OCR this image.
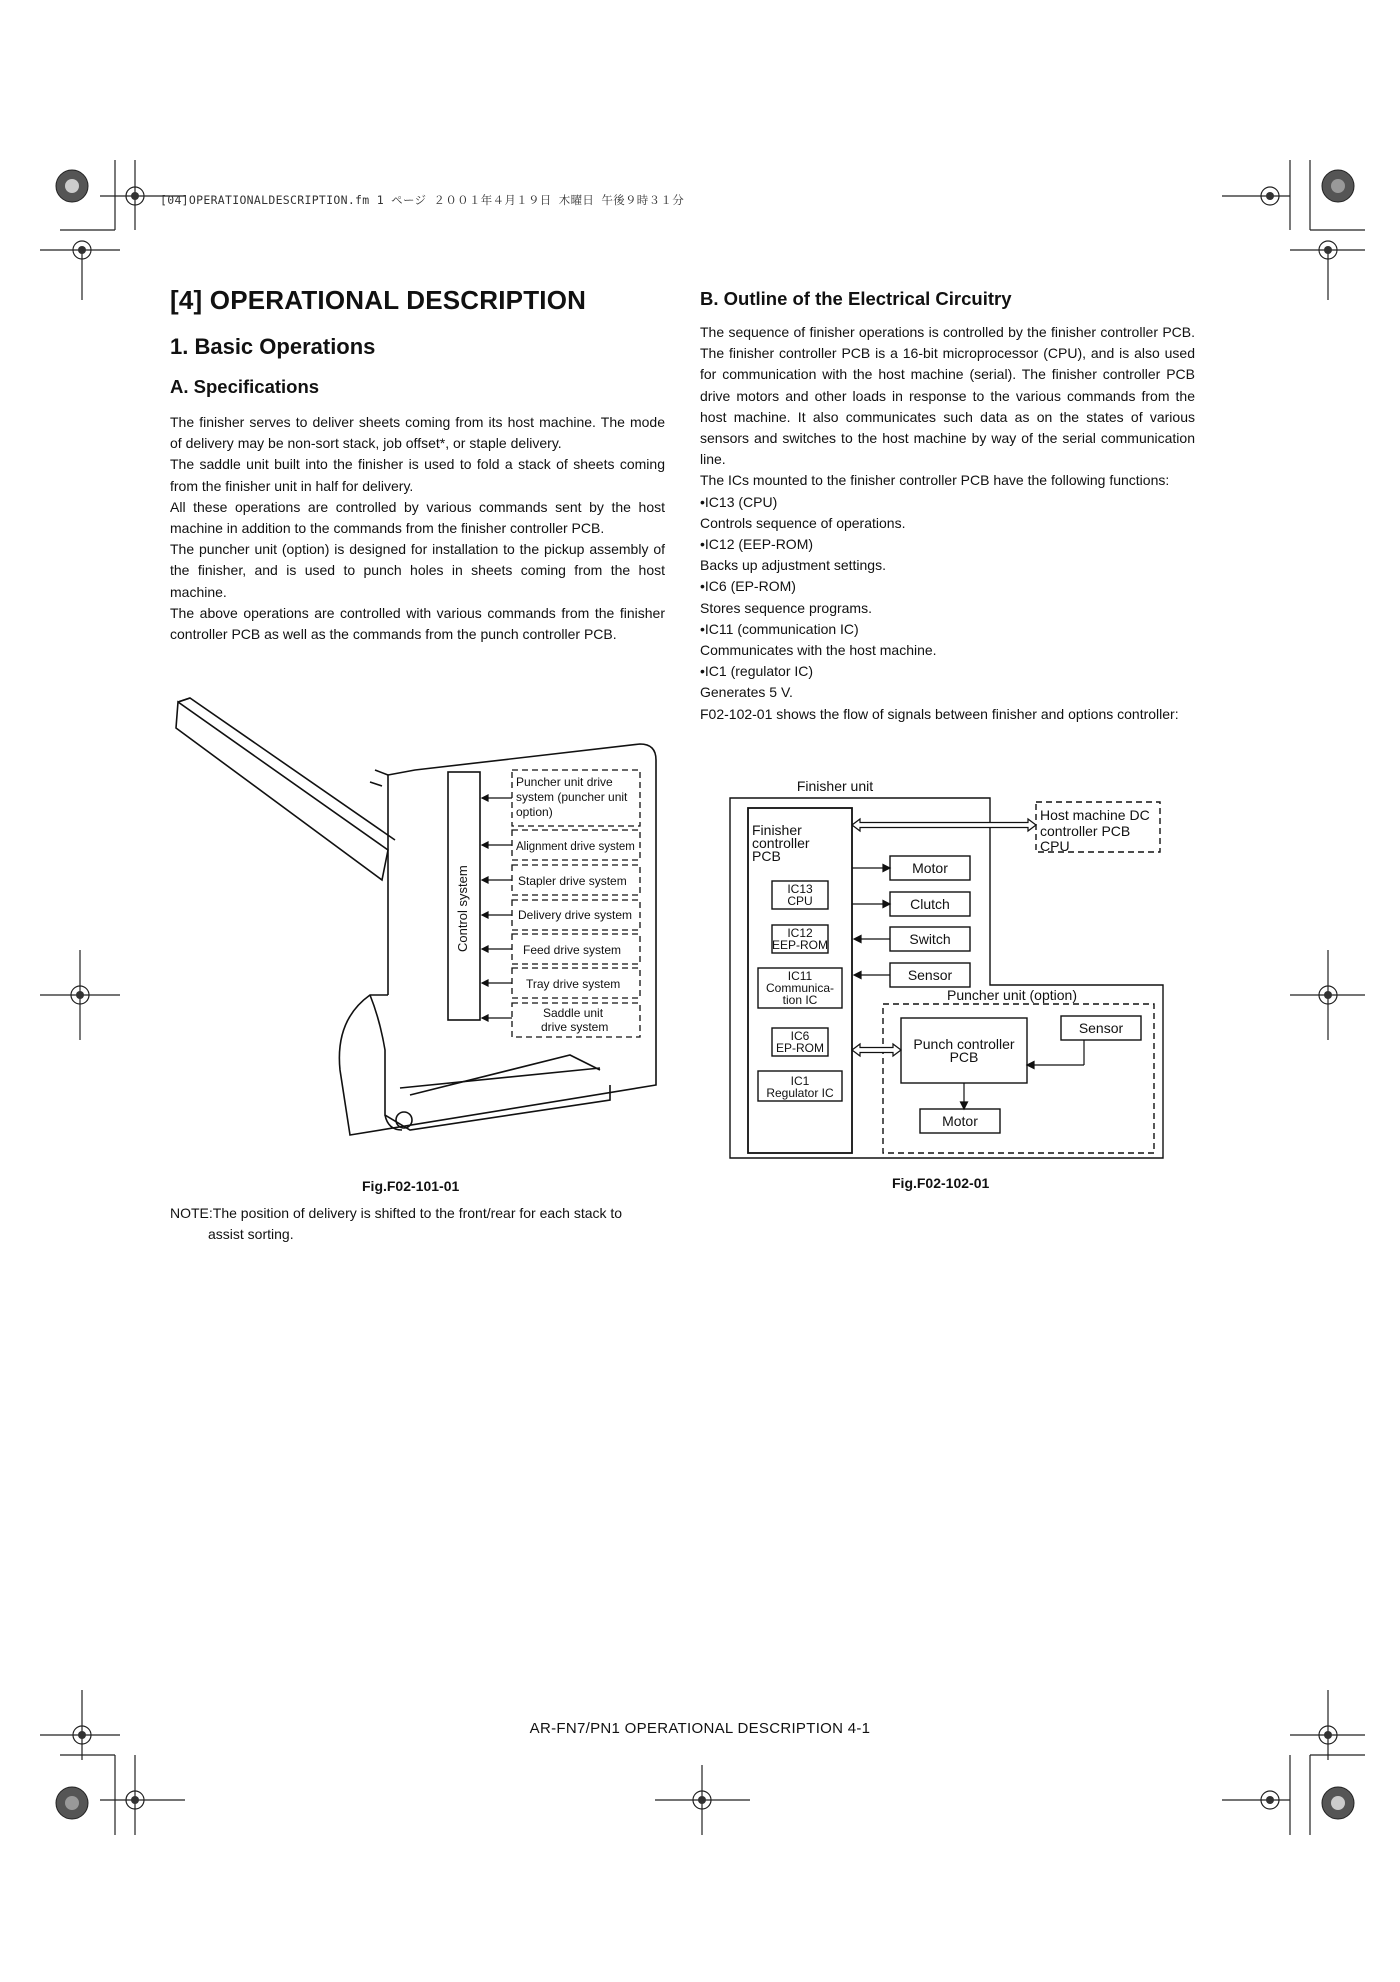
[04]OPERATIONALDESCRIPTION.fm 1 ページ ２００１年４月１９日 木曜日 午後９時３１分
[4] OPERATIONAL DESCRIPTION
1. Basic Operations
A. Specifications

The finisher serves to deliver sheets coming from its host machine. The mode of delivery may be non-sort stack, job offset*, or staple delivery.

The saddle unit built into the finisher is used to fold a stack of sheets coming from the finisher unit in half for delivery.

All these operations are controlled by various commands sent by the host machine in addition to the commands from the finisher controller PCB.

The puncher unit (option) is designed for installation to the pickup assembly of the finisher, and is used to punch holes in sheets coming from the host machine.

The above operations are controlled with various commands from the finisher controller PCB as well as the commands from the punch controller PCB.

Control system
Puncher unit drive
system (puncher unit
option)
Alignment drive system
Stapler drive system
Delivery drive system
Feed drive system
Tray drive system
Saddle unit
drive system
Fig.F02-101-01
NOTE:The position of delivery is shifted to the front/rear for each stack to
assist sorting.
B. Outline of the Electrical Circuitry

The sequence of finisher operations is controlled by the finisher controller PCB. The finisher controller PCB is a 16-bit microprocessor (CPU), and is also used for communication with the host machine (serial). The finisher controller PCB drive motors and other loads in response to the various commands from the host machine. It also communicates such data as on the states of various sensors and switches to the host machine by way of the serial communication line.

The ICs mounted to the finisher controller PCB have the following functions:

•IC13 (CPU)

Controls sequence of operations.

•IC12 (EEP-ROM)

Backs up adjustment settings.

•IC6 (EP-ROM)

Stores sequence programs.

•IC11 (communication IC)

Communicates with the host machine.

•IC1 (regulator IC)

Generates 5 V.

F02-102-01 shows the flow of signals between finisher and options controller:

Finisher unit
Finisher
controller
PCB
Host machine DC
controller PCB
CPU
IC13
CPU
IC12
EEP-ROM
IC11
Communica-
tion IC
IC6
EP-ROM
IC1
Regulator IC
Motor
Clutch
Switch
Sensor
Puncher unit (option)
Punch controller
PCB
Sensor
Motor
Fig.F02-102-01
AR-FN7/PN1 OPERATIONAL DESCRIPTION 4-1
